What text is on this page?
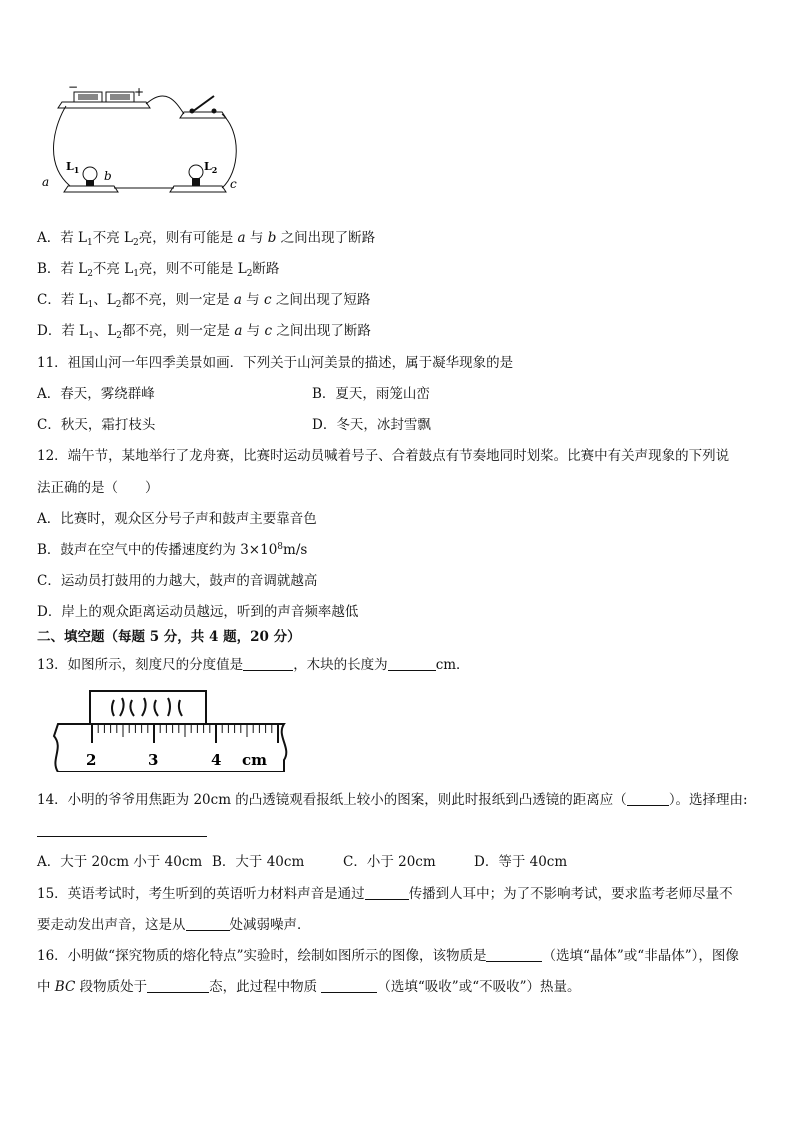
−	+
$L_1$	$L_2$
a	b
c
A．若 $L_1$不亮 $L_2$亮，则有可能是 a 与 b 之间出现了断路
B．若 $L_2$不亮 $L_1$亮，则不可能是 $L_2$断路
C．若 $L_1$、$L_2$都不亮，则一定是 a 与 c 之间出现了短路
D．若 $L_1$、$L_2$都不亮，则一定是 a 与 c 之间出现了断路
11．祖国山河一年四季美景如画．下列关于山河美景的描述，属于凝华现象的是
A．春天，雾绕群峰	B．夏天，雨笼山峦
C．秋天，霜打枝头	D．冬天，冰封雪飘
12．端午节，某地举行了龙舟赛，比赛时运动员喊着号子、合着鼓点有节奏地同时划桨。比赛中有关声现象的下列说
法正确的是（　　）
A．比赛时，观众区分号子声和鼓声主要靠音色
B．鼓声在空气中的传播速度约为 $3\times 10^8m/s$
C．运动员打鼓用的力越大，鼓声的音调就越高
D．岸上的观众距离运动员越远，听到的声音频率越低
二、填空题（每题 5 分，共 4 题，20 分）
13．如图所示，刻度尺的分度值是	，木块的长度为	cm．
2	3	4 cm
14．小明的爷爷用焦距为 20cm 的凸透镜观看报纸上较小的图案，则此时报纸到凸透镜的距离应（	）。选择理由:
A．大于 20cm 小于 40cm B．大于 40cm	C．小于 20cm	D．等于 40cm
15．英语考试时，考生听到的英语听力材料声音是通过	传播到人耳中；为了不影响考试，要求监考老师尽量不
要走动发出声音，这是从	处减弱噪声．
16．小明做“探究物质的熔化特点”实验时，绘制如图所示的图像，该物质是	（选填“晶体”或“非晶体”），图像
中 BC 段物质处于	态，此过程中物质	（选填“吸收”或“不吸收”）热量。
